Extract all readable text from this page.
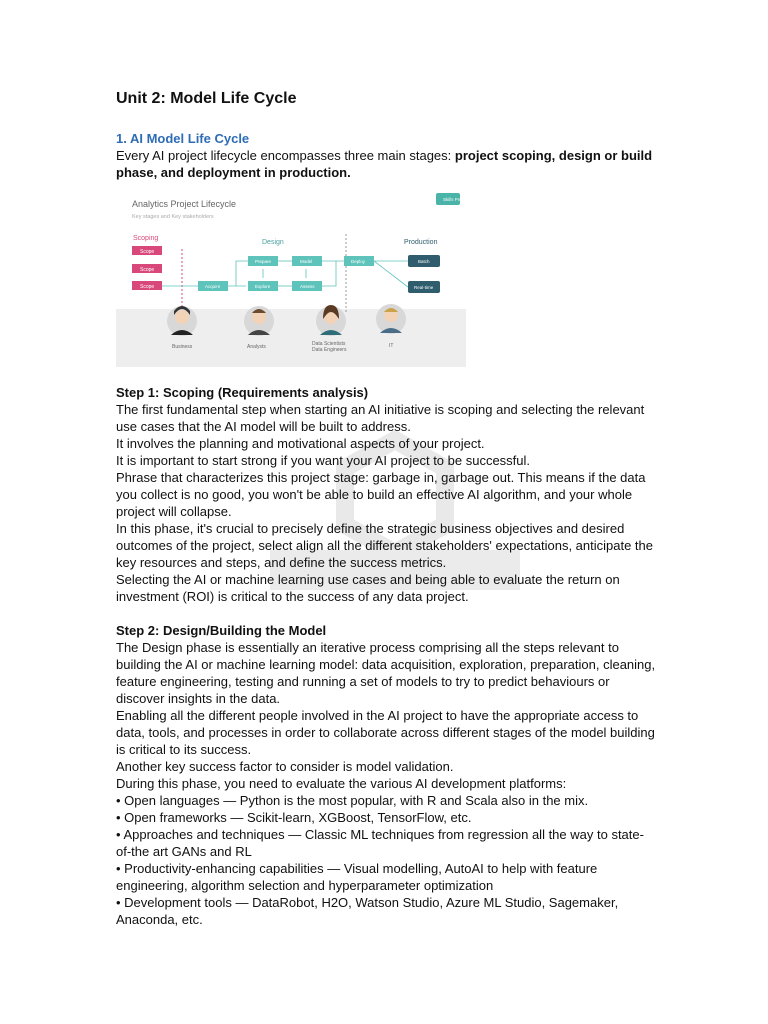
Unit 2: Model Life Cycle
1. AI Model Life Cycle

Every AI project lifecycle encompasses three main stages: project scoping, design or build phase, and deployment in production.

Analytics Project Lifecycle
Key stages and Key stakeholders
Skills Pro
Scoping
Design	Production
Scope
Scope
Scope	Acquire
Prepare
Explore
Model
Assess
Deploy	Batch
Real-time
Business	Analysts	Data Scientists
Data Engineers
IT
Step 1: Scoping (Requirements analysis)

The first fundamental step when starting an AI initiative is scoping and selecting the relevant use cases that the AI model will be built to address.

It involves the planning and motivational aspects of your project.

It is important to start strong if you want your AI project to be successful.

Phrase that characterizes this project stage: garbage in, garbage out. This means if the data you collect is no good, you won't be able to build an effective AI algorithm, and your whole project will collapse.

In this phase, it's crucial to precisely define the strategic business objectives and desired outcomes of the project, select align all the different stakeholders' expectations, anticipate the key resources and steps, and define the success metrics.

Selecting the AI or machine learning use cases and being able to evaluate the return on investment (ROI) is critical to the success of any data project.

Step 2: Design/Building the Model

The Design phase is essentially an iterative process comprising all the steps relevant to building the AI or machine learning model: data acquisition, exploration, preparation, cleaning, feature engineering, testing and running a set of models to try to predict behaviours or discover insights in the data.

Enabling all the different people involved in the AI project to have the appropriate access to data, tools, and processes in order to collaborate across different stages of the model building is critical to its success.

Another key success factor to consider is model validation.

During this phase, you need to evaluate the various AI development platforms:

• Open languages — Python is the most popular, with R and Scala also in the mix.

• Open frameworks — Scikit-learn, XGBoost, TensorFlow, etc.

• Approaches and techniques — Classic ML techniques from regression all the way to state-of-the art GANs and RL

• Productivity-enhancing capabilities — Visual modelling, AutoAI to help with feature engineering, algorithm selection and hyperparameter optimization

• Development tools — DataRobot, H2O, Watson Studio, Azure ML Studio, Sagemaker, Anaconda, etc.
